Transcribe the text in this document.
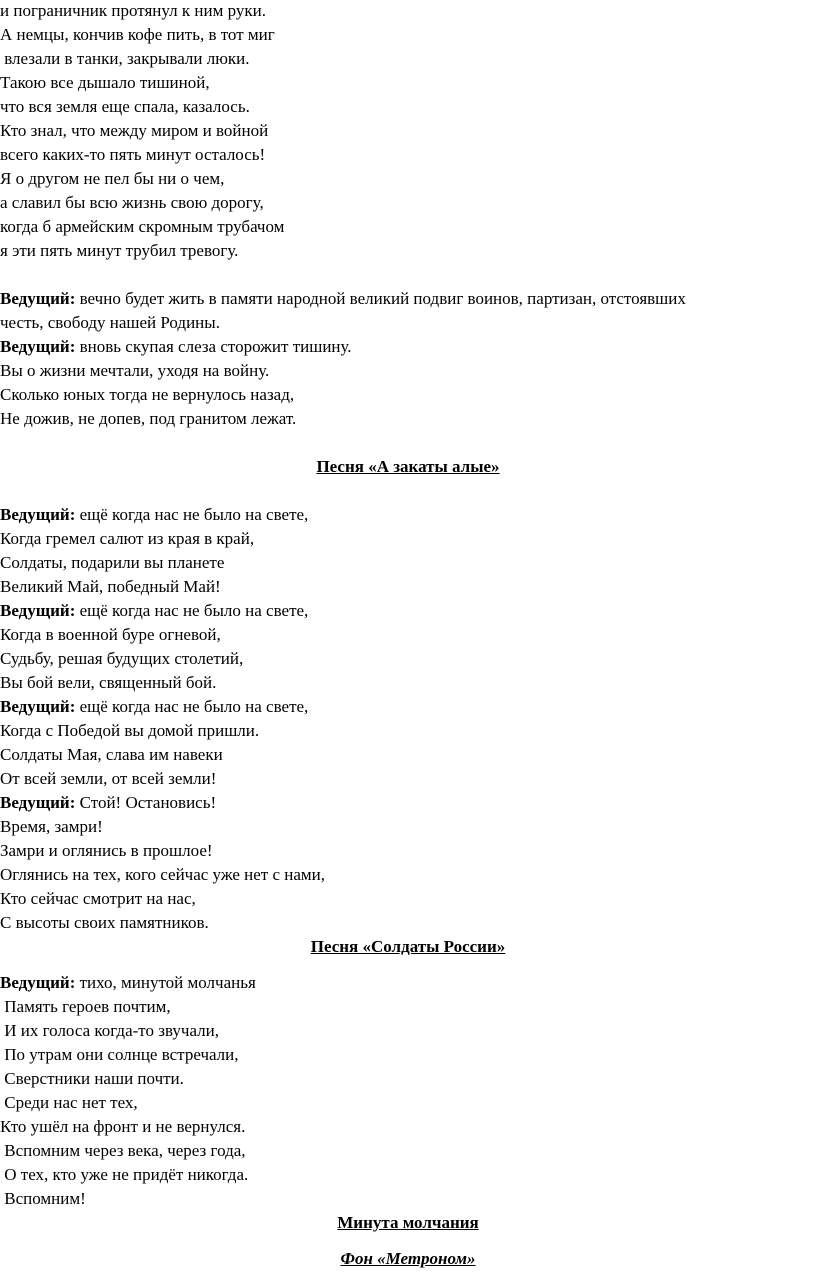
и пограничник протянул к ним руки.
А немцы, кончив кофе пить, в тот миг
влезали в танки, закрывали люки.
Такою все дышало тишиной,
что вся земля еще спала, казалось.
Кто знал, что между миром и войной
всего каких-то пять минут осталось!
Я о другом не пел бы ни о чем,
а славил бы всю жизнь свою дорогу,
когда б армейским скромным трубачом
я эти пять минут трубил тревогу.
Ведущий: вечно будет жить в памяти народной великий подвиг воинов, партизан, отстоявших
честь, свободу нашей Родины.
Ведущий: вновь скупая слеза сторожит тишину.
Вы о жизни мечтали, уходя на войну.
Сколько юных тогда не вернулось назад,
Не дожив, не допев, под гранитом лежат.
Песня «А закаты алые»
Ведущий: ещё когда нас не было на свете,
Когда гремел салют из края в край,
Солдаты, подарили вы планете
Великий Май, победный Май!
Ведущий: ещё когда нас не было на свете,
Когда в военной буре огневой,
Судьбу, решая будущих столетий,
Вы бой вели, священный бой.
Ведущий: ещё когда нас не было на свете,
Когда с Победой вы домой пришли.
Солдаты Мая, слава им навеки
От всей земли, от всей земли!
Ведущий: Стой! Остановись!
Время, замри!
Замри и оглянись в прошлое!
Оглянись на тех, кого сейчас уже нет с нами,
Кто сейчас смотрит на нас,
С высоты своих памятников.
Песня «Солдаты России»
Ведущий: тихо, минутой молчанья
Память героев почтим,
И их голоса когда-то звучали,
По утрам они солнце встречали,
Сверстники наши почти.
Среди нас нет тех,
Кто ушёл на фронт и не вернулся.
Вспомним через века, через года,
О тех, кто уже не придёт никогда.
Вспомним!
Минута молчания
Фон «Метроном»
